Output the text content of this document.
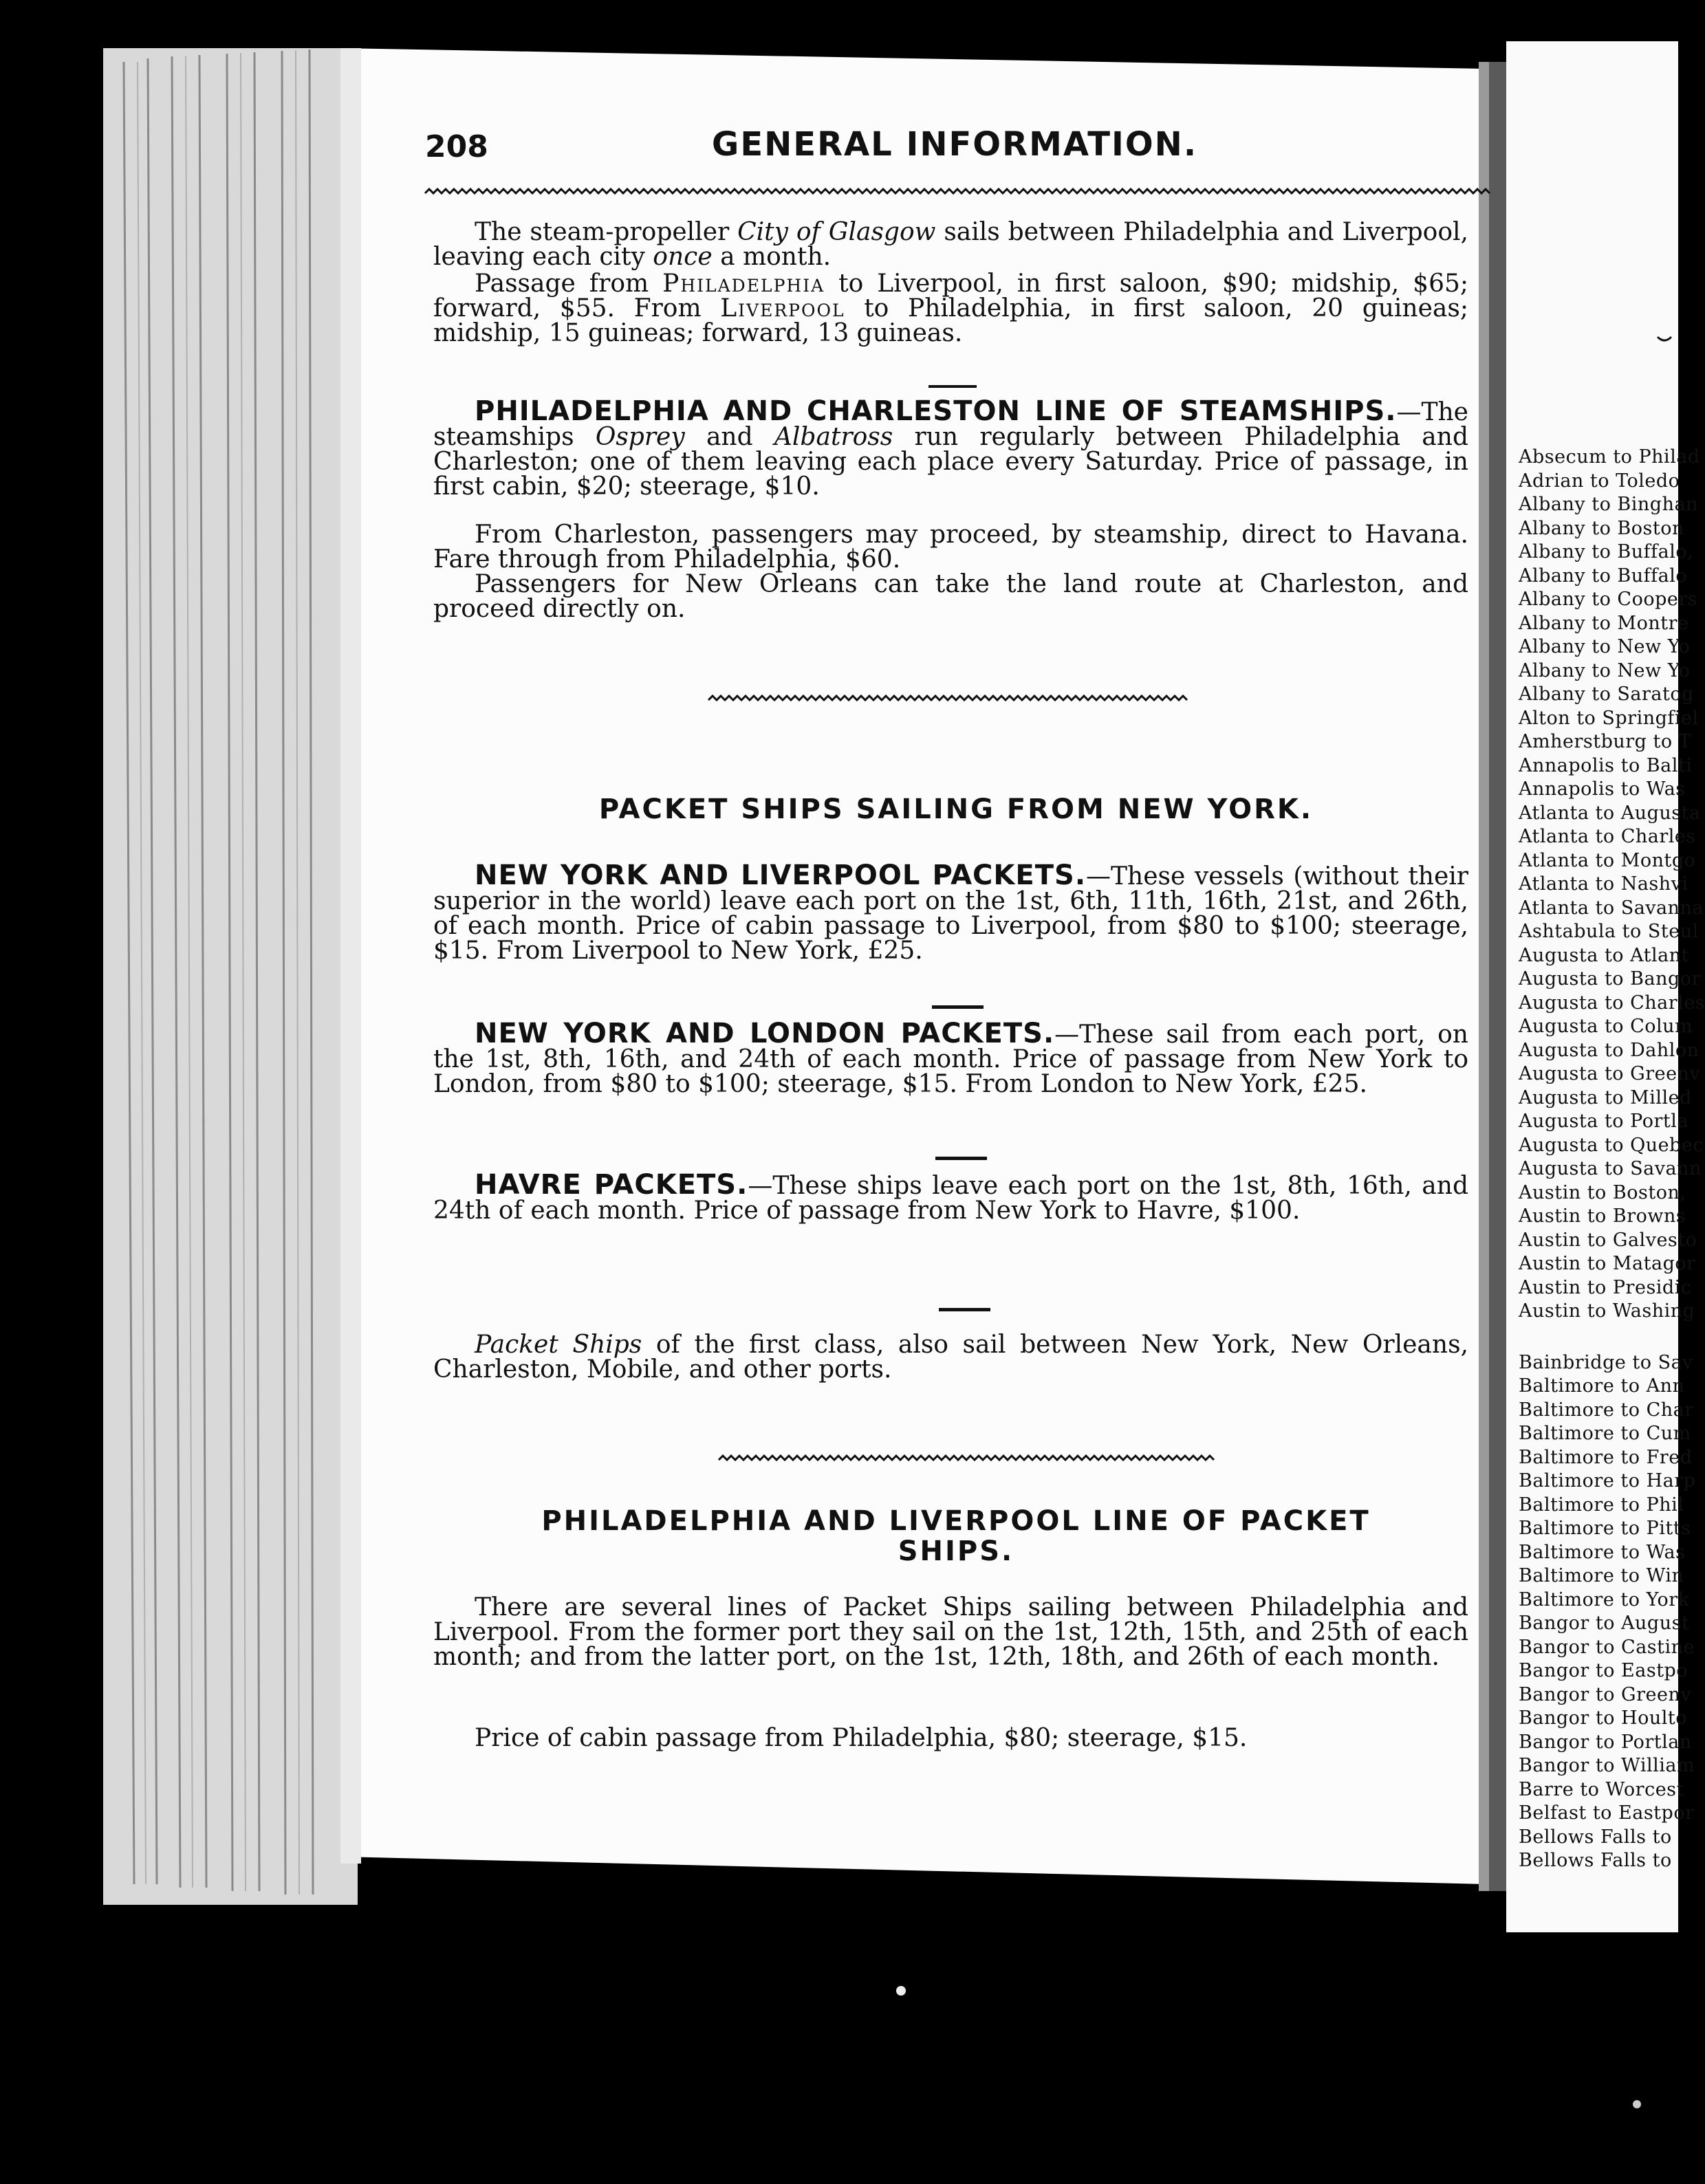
208	GENERAL INFORMATION.
The steam-propeller City of Glasgow sails between Philadelphia and Liverpool, leaving each city once a month.
Passage from Philadelphia to Liverpool, in first saloon, $90; midship, $65; forward, $55. From Liverpool to Philadelphia, in first saloon, 20 guineas; midship, 15 guineas; forward, 13 guineas.
PHILADELPHIA AND CHARLESTON LINE OF STEAMSHIPS.—The steamships Osprey and Albatross run regularly between Philadelphia and Charleston; one of them leaving each place every Saturday. Price of passage, in first cabin, $20; steerage, $10.
From Charleston, passengers may proceed, by steamship, direct to Havana. Fare through from Philadelphia, $60.
Passengers for New Orleans can take the land route at Charleston, and proceed directly on.
PACKET SHIPS SAILING FROM NEW YORK.
NEW YORK AND LIVERPOOL PACKETS.—These vessels (without their superior in the world) leave each port on the 1st, 6th, 11th, 16th, 21st, and 26th, of each month. Price of cabin passage to Liverpool, from $80 to $100; steerage, $15. From Liverpool to New York, £25.
NEW YORK AND LONDON PACKETS.—These sail from each port, on the 1st, 8th, 16th, and 24th of each month. Price of passage from New York to London, from $80 to $100; steerage, $15. From London to New York, £25.
HAVRE PACKETS.—These ships leave each port on the 1st, 8th, 16th, and 24th of each month. Price of passage from New York to Havre, $100.
Packet Ships of the first class, also sail between New York, New Orleans, Charleston, Mobile, and other ports.
PHILADELPHIA AND LIVERPOOL LINE OF PACKET
SHIPS.
There are several lines of Packet Ships sailing between Philadelphia and Liverpool. From the former port they sail on the 1st, 12th, 15th, and 25th of each month; and from the latter port, on the 1st, 12th, 18th, and 26th of each month.
Price of cabin passage from Philadelphia, $80; steerage, $15.
Absecum to Philad
Adrian to Toledo
Albany to Binghan
Albany to Boston
Albany to Buffalo,
Albany to Buffalo
Albany to Coopers
Albany to Montre
Albany to New Yo
Albany to New Yo
Albany to Saratog
Alton to Springfiel
Amherstburg to T
Annapolis to Balti
Annapolis to Was
Atlanta to Augusta
Atlanta to Charles
Atlanta to Montgo
Atlanta to Nashvi
Atlanta to Savanna
Ashtabula to Steul
Augusta to Atlant
Augusta to Bangor
Augusta to Charles
Augusta to Colum
Augusta to Dahlon
Augusta to Greenv
Augusta to Milled
Augusta to Portla
Augusta to Quebec
Augusta to Savann
Austin to Boston,
Austin to Browns
Austin to Galvesto
Austin to Matagor
Austin to Presidic
Austin to Washing
Bainbridge to Sav
Baltimore to Ann
Baltimore to Char
Baltimore to Cum
Baltimore to Fred
Baltimore to Harp
Baltimore to Phil
Baltimore to Pitts
Baltimore to Was
Baltimore to Win
Baltimore to York
Bangor to August
Bangor to Castine
Bangor to Eastpo
Bangor to Greenv
Bangor to Houlto
Bangor to Portlan
Bangor to William
Barre to Worcest
Belfast to Eastpor
Bellows Falls to
Bellows Falls to
